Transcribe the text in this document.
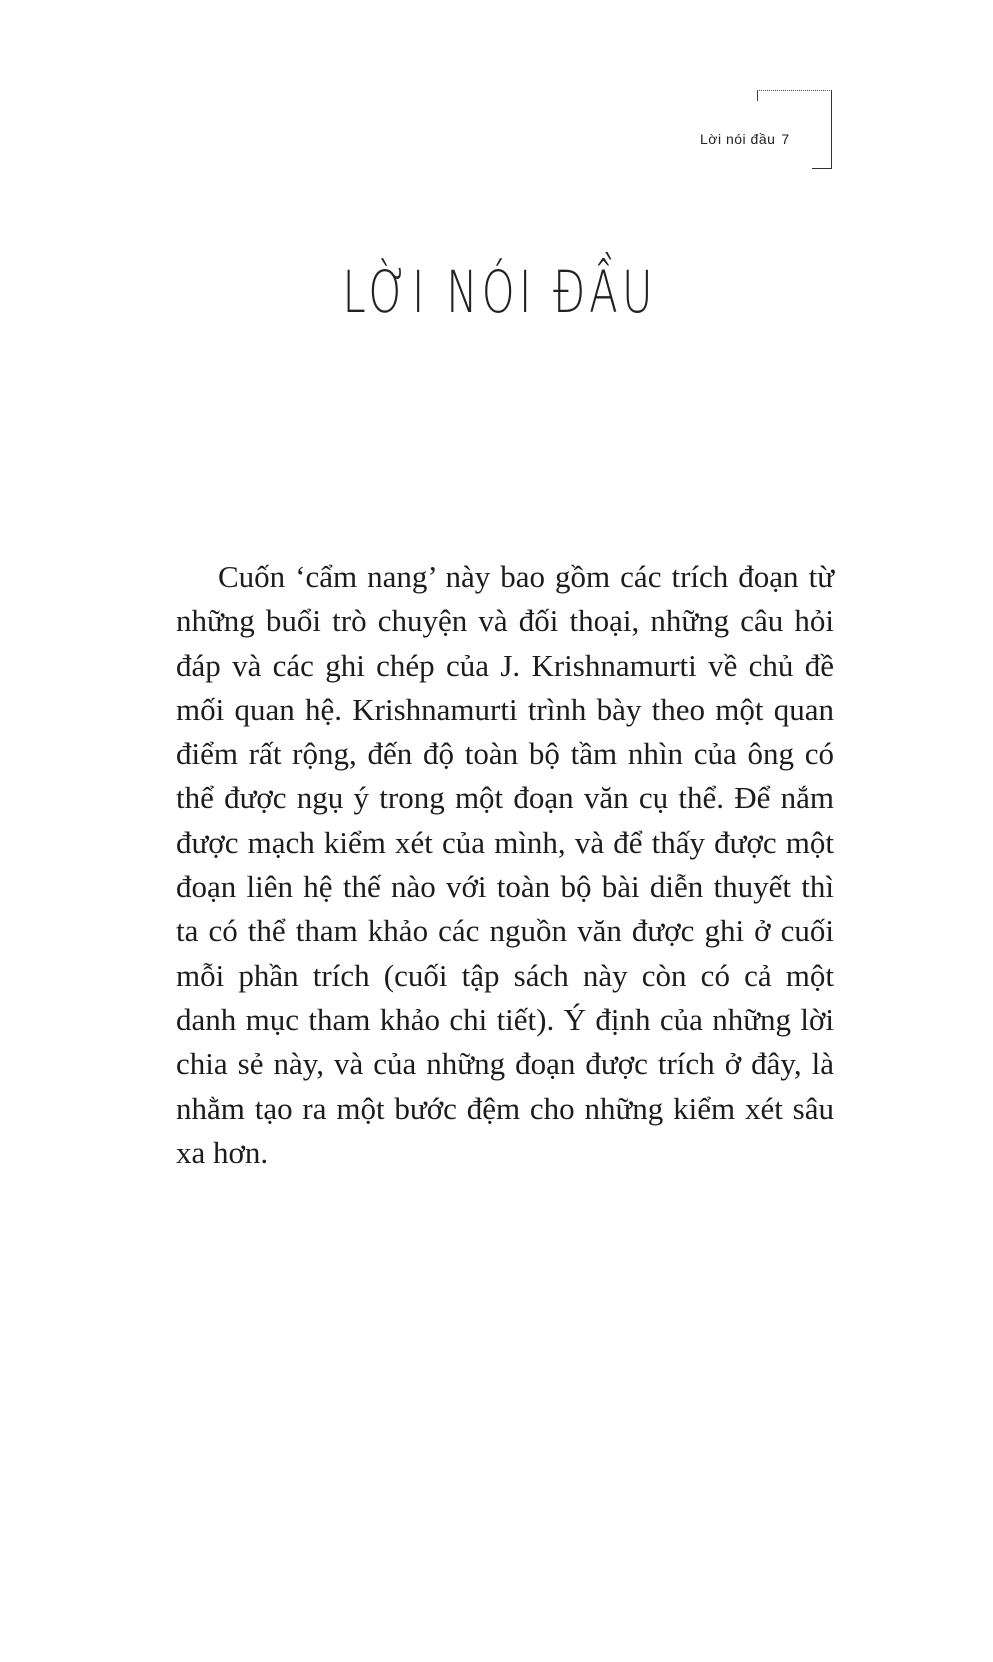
Lời nói đầu 7
LỜI NÓI ĐẦU

Cuốn ‘cẩm nang’ này bao gồm các trích đoạn từ những buổi trò chuyện và đối thoại, những câu hỏi đáp và các ghi chép của J. Krishnamurti về chủ đề mối quan hệ. Krishnamurti trình bày theo một quan điểm rất rộng, đến độ toàn bộ tầm nhìn của ông có thể được ngụ ý trong một đoạn văn cụ thể. Để nắm được mạch kiểm xét của mình, và để thấy được một đoạn liên hệ thế nào với toàn bộ bài diễn thuyết thì ta có thể tham khảo các nguồn văn được ghi ở cuối mỗi phần trích (cuối tập sách này còn có cả một danh mục tham khảo chi tiết). Ý định của những lời chia sẻ này, và của những đoạn được trích ở đây, là nhằm tạo ra một bước đệm cho những kiểm xét sâu xa hơn.
